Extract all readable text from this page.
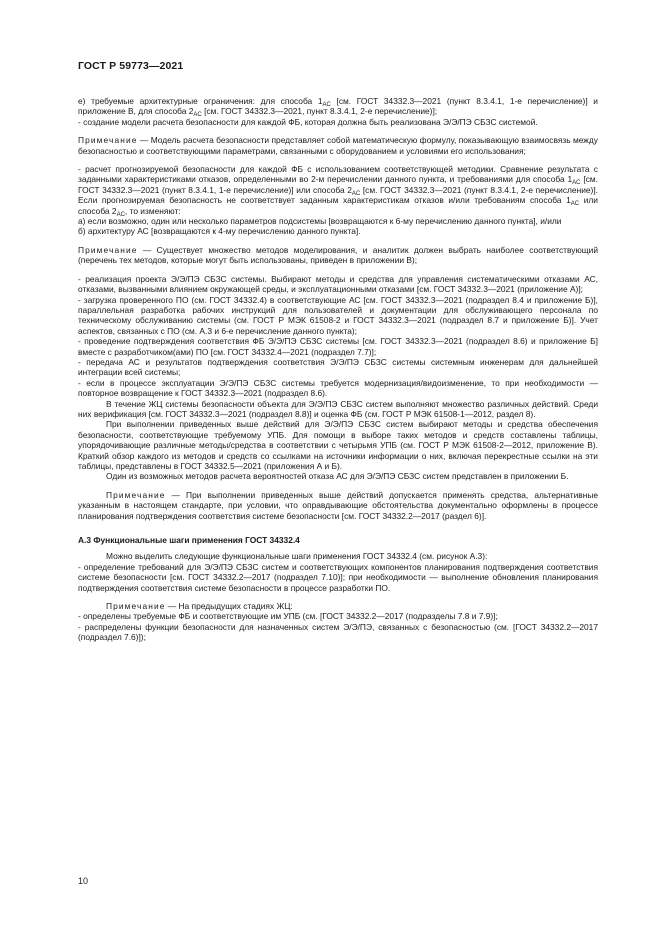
ГОСТ Р 59773—2021

е) требуемые архитектурные ограничения: для способа $1_{AC}$ [см. ГОСТ 34332.3—2021 (пункт 8.3.4.1, 1-е перечисление)] и приложение В, для способа $2_{AC}$ [см. ГОСТ 34332.3—2021, пункт 8.3.4.1, 2-е перечисление)];

- создание модели расчета безопасности для каждой ФБ, которая должна быть реализована Э/Э/ПЭ СБЗС системой.

Примечание — Модель расчета безопасности представляет собой математическую формулу, показывающую взаимосвязь между безопасностью и соответствующими параметрами, связанными с оборудованием и условиями его использования;

- расчет прогнозируемой безопасности для каждой ФБ с использованием соответствующей методики. Сравнение результата с заданными характеристиками отказов, определенными во 2-м перечислении данного пункта, и требованиями для способа $1_{AC}$ [см. ГОСТ 34332.3—2021 (пункт 8.3.4.1, 1-е перечисление)] или способа $2_{AC}$ [см. ГОСТ 34332.3—2021 (пункт 8.3.4.1, 2-е перечисление)]. Если прогнозируемая безопасность не соответствует заданным характеристикам отказов и/или требованиям способа $1_{AC}$ или способа $2_{AC}$, то изменяют:

а) если возможно, один или несколько параметров подсистемы [возвращаются к 6-му перечислению данного пункта], и/или

б) архитектуру АС [возвращаются к 4-му перечислению данного пункта].

Примечание — Существует множество методов моделирования, и аналитик должен выбрать наиболее соответствующий (перечень тех методов, которые могут быть использованы, приведен в приложении В);

- реализация проекта Э/Э/ПЭ СБЗС системы. Выбирают методы и средства для управления систематическими отказами АС, отказами, вызванными влиянием окружающей среды, и эксплуатационными отказами [см. ГОСТ 34332.3—2021 (приложение А)];

- загрузка проверенного ПО (см. ГОСТ 34332.4) в соответствующие АС [см. ГОСТ 34332.3—2021 (подраздел 8.4 и приложение Б)], параллельная разработка рабочих инструкций для пользователей и документации для обслуживающего персонала по техническому обслуживанию системы (см. ГОСТ Р МЭК 61508-2 и ГОСТ 34332.3—2021 (подраздел 8.7 и приложение Б)]. Учет аспектов, связанных с ПО (см. А.3 и 6-е перечисление данного пункта);

- проведение подтверждения соответствия ФБ Э/Э/ПЭ СБЗС системы [см. ГОСТ 34332.3—2021 (подраздел 8.6) и приложение Б] вместе с разработчиком(ами) ПО [см. ГОСТ 34332.4—2021 (подраздел 7.7)];

- передача АС и результатов подтверждения соответствия Э/Э/ПЭ СБЗС системы системным инженерам для дальнейшей интеграции всей системы;

- если в процессе эксплуатации Э/Э/ПЭ СБЗС системы требуется модернизация/видоизменение, то при необходимости — повторное возвращение к ГОСТ 34332.3—2021 (подраздел 8.6).

В течение ЖЦ системы безопасности объекта для Э/Э/ПЭ СБЗС систем выполняют множество различных действий. Среди них верификация [см. ГОСТ 34332.3—2021 (подраздел 8.8)] и оценка ФБ (см. ГОСТ Р МЭК 61508-1—2012, раздел 8).

При выполнении приведенных выше действий для Э/Э/ПЭ СБЗС систем выбирают методы и средства обеспечения безопасности, соответствующие требуемому УПБ. Для помощи в выборе таких методов и средств составлены таблицы, упорядочивающие различные методы/средства в соответствии с четырьмя УПБ (см. ГОСТ Р МЭК 61508-2—2012, приложение В). Краткий обзор каждого из методов и средств со ссылками на источники информации о них, включая перекрестные ссылки на эти таблицы, представлены в ГОСТ 34332.5—2021 (приложения А и Б).

Один из возможных методов расчета вероятностей отказа АС для Э/Э/ПЭ СБЗС систем представлен в приложении Б.

Примечание — При выполнении приведенных выше действий допускается применять средства, альтернативные указанным в настоящем стандарте, при условии, что оправдывающие обстоятельства документально оформлены в процессе планирования подтверждения соответствия системе безопасности [см. ГОСТ 34332.2—2017 (раздел 6)].

А.3 Функциональные шаги применения ГОСТ 34332.4

Можно выделить следующие функциональные шаги применения ГОСТ 34332.4 (см. рисунок А.3):

- определение требований для Э/Э/ПЭ СБЗС систем и соответствующих компонентов планирования подтверждения соответствия системе безопасности [см. ГОСТ 34332.2—2017 (подраздел 7.10)]; при необходимости — выполнение обновления планирования подтверждения соответствия системе безопасности в процессе разработки ПО.

Примечание — На предыдущих стадиях ЖЦ:

- определены требуемые ФБ и соответствующие им УПБ (см. [ГОСТ 34332.2—2017 (подразделы 7.8 и 7.9)];

- распределены функции безопасности для назначенных систем Э/Э/ПЭ, связанных с безопасностью (см. [ГОСТ 34332.2—2017 (подраздел 7.6)]);

10
